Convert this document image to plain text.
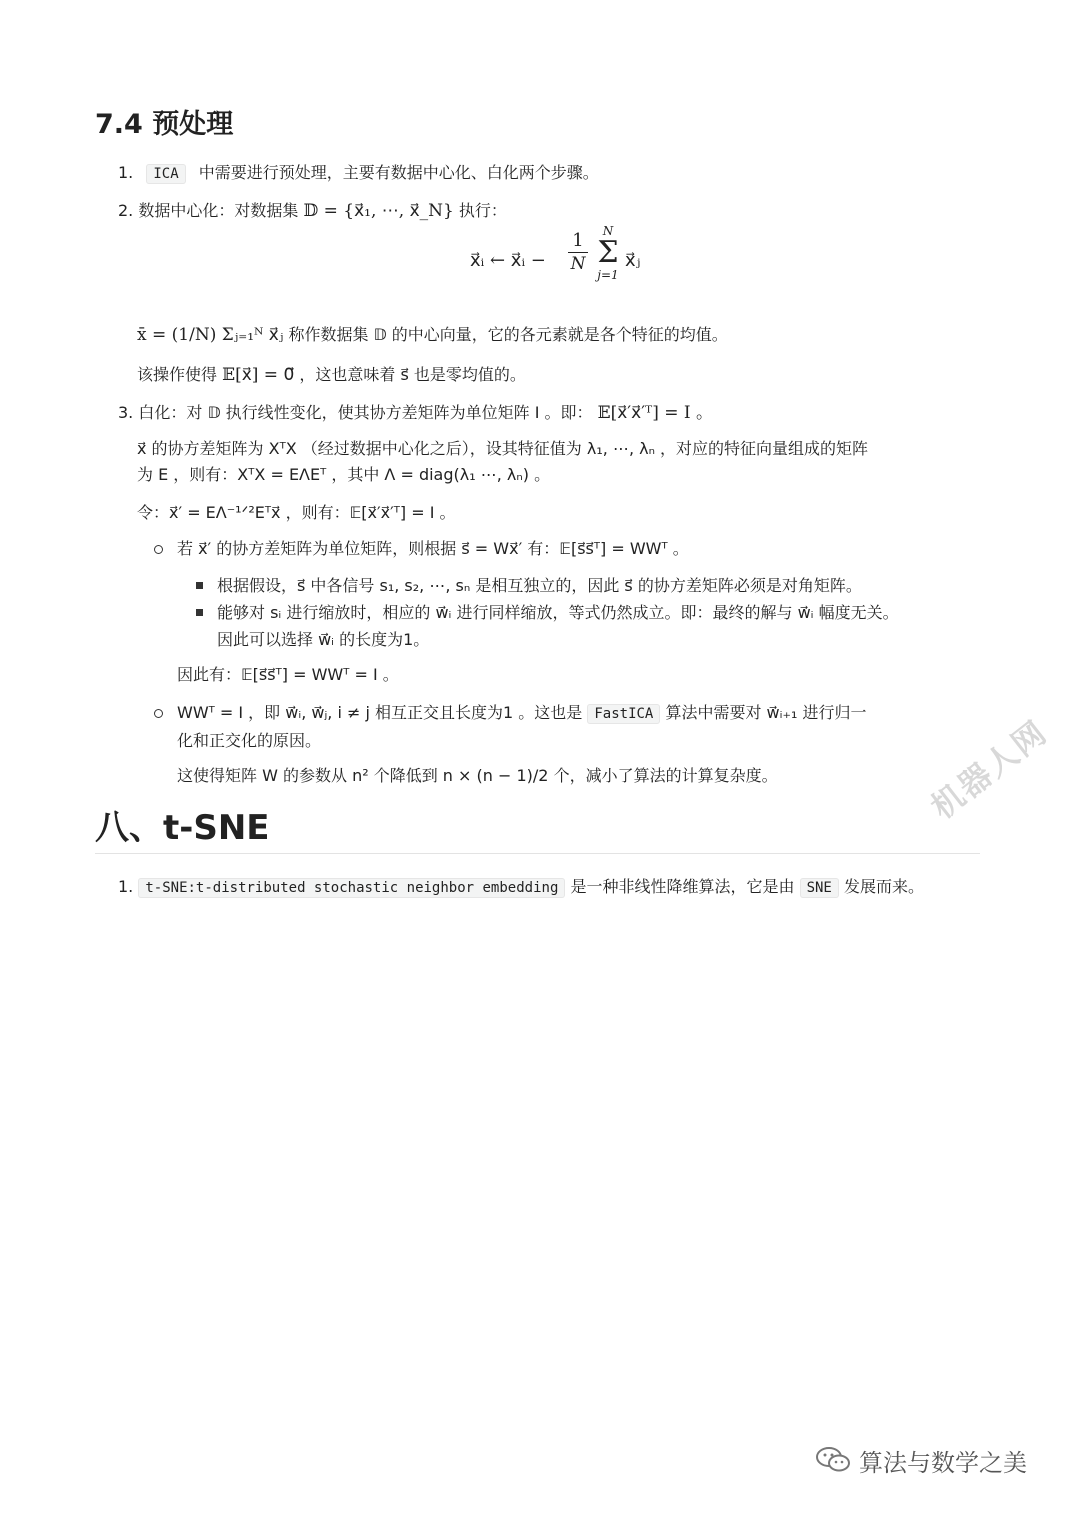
7.4 预处理
1. ICA 中需要进行预处理，主要有数据中心化、白化两个步骤。
2. 数据中心化：对数据集 𝔻 = {x⃗₁, ⋯, x⃗_N} 执行：
x⃗ᵢ ← x⃗ᵢ −
1
N
N
Σ
j=1
x⃗ⱼ
x̄ = (1/N) Σⱼ₌₁ᴺ x⃗ⱼ 称作数据集 𝔻 的中心向量，它的各元素就是各个特征的均值。
该操作使得 𝔼[x⃗] = 0⃗ ，这也意味着 s⃗ 也是零均值的。
3. 白化：对 𝔻 执行线性变化，使其协方差矩阵为单位矩阵 I 。即： 𝔼[x⃗′x⃗′ᵀ] = I 。
x⃗ 的协方差矩阵为 XᵀX （经过数据中心化之后），设其特征值为 λ₁, ⋯, λₙ ，对应的特征向量组成的矩阵
为 E ，则有：XᵀX = EΛEᵀ ，其中 Λ = diag(λ₁ ⋯, λₙ) 。
令：x⃗′ = EΛ⁻¹ᐟ²Eᵀx⃗ ，则有：𝔼[x⃗′x⃗′ᵀ] = I 。
若 x⃗′ 的协方差矩阵为单位矩阵，则根据 s⃗ = Wx⃗′ 有：𝔼[s⃗s⃗ᵀ] = WWᵀ 。
根据假设，s⃗ 中各信号 s₁, s₂, ⋯, sₙ 是相互独立的，因此 s⃗ 的协方差矩阵必须是对角矩阵。
能够对 sᵢ 进行缩放时，相应的 w⃗ᵢ 进行同样缩放，等式仍然成立。即：最终的解与 w⃗ᵢ 幅度无关。
因此可以选择 w⃗ᵢ 的长度为1。
因此有：𝔼[s⃗s⃗ᵀ] = WWᵀ = I 。
WWᵀ = I ，即 w⃗ᵢ, w⃗ⱼ, i ≠ j 相互正交且长度为1 。这也是 FastICA 算法中需要对 w⃗ᵢ₊₁ 进行归一
化和正交化的原因。
这使得矩阵 W 的参数从 n² 个降低到 n × (n − 1)/2 个，减小了算法的计算复杂度。	机器人网
八、t-SNE
1. t-SNE:t-distributed stochastic neighbor embedding 是一种非线性降维算法，它是由 SNE 发展而来。
算法与数学之美
